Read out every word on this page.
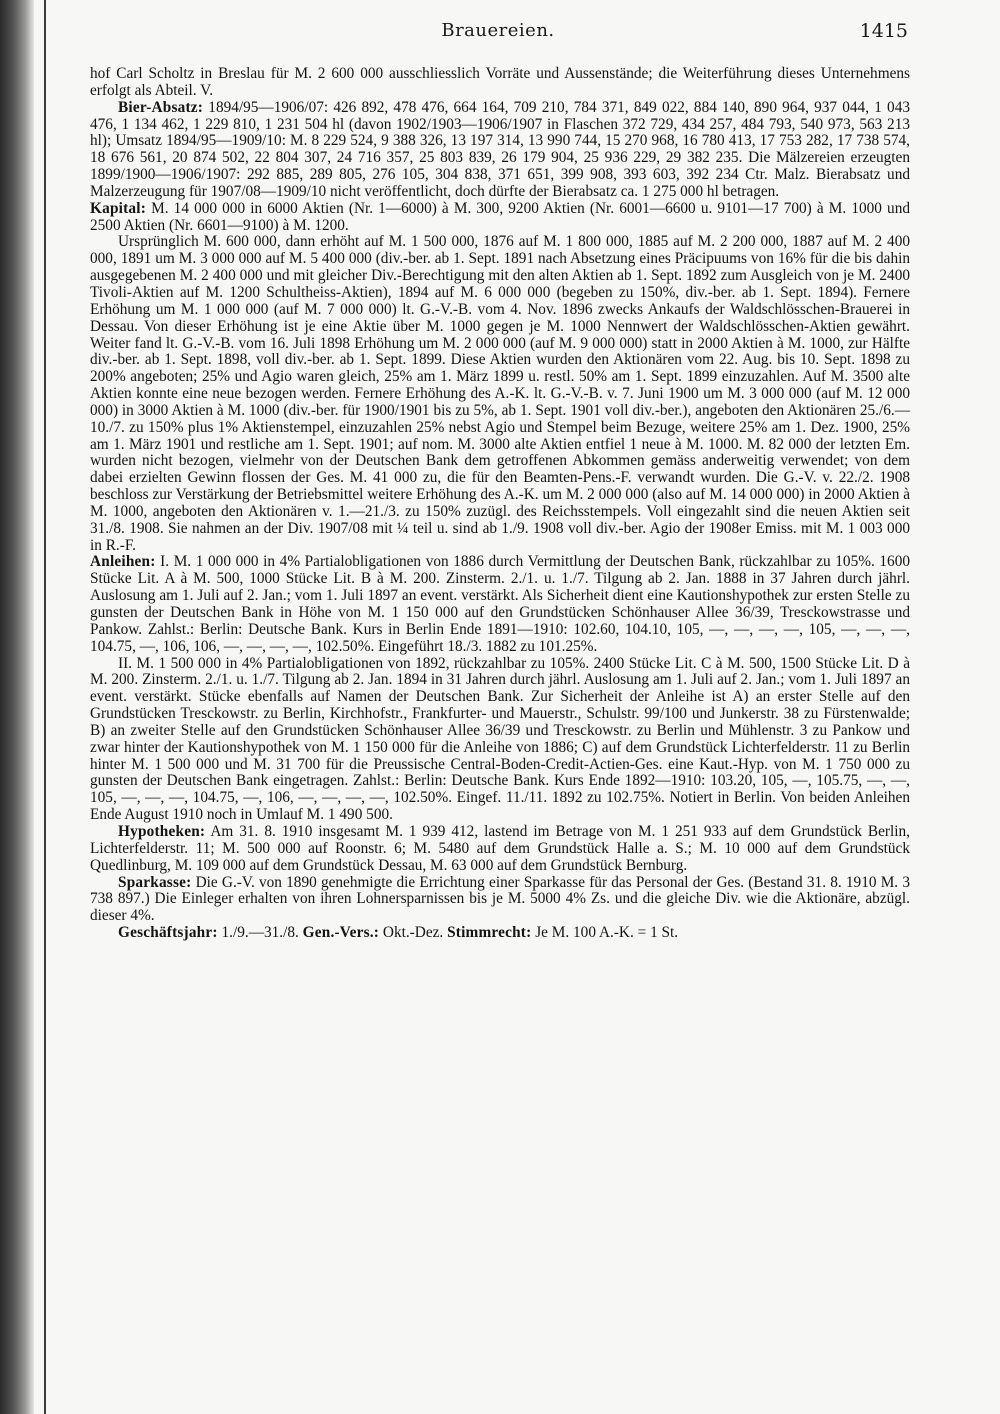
Brauereien.	1415

hof Carl Scholtz in Breslau für M. 2 600 000 ausschliesslich Vorräte und Aussenstände; die Weiterführung dieses Unternehmens erfolgt als Abteil. V.

Bier-Absatz: 1894/95—1906/07: 426 892, 478 476, 664 164, 709 210, 784 371, 849 022, 884 140, 890 964, 937 044, 1 043 476, 1 134 462, 1 229 810, 1 231 504 hl (davon 1902/1903—1906/1907 in Flaschen 372 729, 434 257, 484 793, 540 973, 563 213 hl); Umsatz 1894/95—1909/10: M. 8 229 524, 9 388 326, 13 197 314, 13 990 744, 15 270 968, 16 780 413, 17 753 282, 17 738 574, 18 676 561, 20 874 502, 22 804 307, 24 716 357, 25 803 839, 26 179 904, 25 936 229, 29 382 235. Die Mälzereien erzeugten 1899/1900—1906/1907: 292 885, 289 805, 276 105, 304 838, 371 651, 399 908, 393 603, 392 234 Ctr. Malz. Bierabsatz und Malzerzeugung für 1907/08—1909/10 nicht veröffentlicht, doch dürfte der Bierabsatz ca. 1 275 000 hl betragen.

Kapital: M. 14 000 000 in 6000 Aktien (Nr. 1—6000) à M. 300, 9200 Aktien (Nr. 6001—6600 u. 9101—17 700) à M. 1000 und 2500 Aktien (Nr. 6601—9100) à M. 1200.

Ursprünglich M. 600 000, dann erhöht auf M. 1 500 000, 1876 auf M. 1 800 000, 1885 auf M. 2 200 000, 1887 auf M. 2 400 000, 1891 um M. 3 000 000 auf M. 5 400 000 (div.-ber. ab 1. Sept. 1891 nach Absetzung eines Präcipuums von 16% für die bis dahin ausgegebenen M. 2 400 000 und mit gleicher Div.-Berechtigung mit den alten Aktien ab 1. Sept. 1892 zum Ausgleich von je M. 2400 Tivoli-Aktien auf M. 1200 Schultheiss-Aktien), 1894 auf M. 6 000 000 (begeben zu 150%, div.-ber. ab 1. Sept. 1894). Fernere Erhöhung um M. 1 000 000 (auf M. 7 000 000) lt. G.-V.-B. vom 4. Nov. 1896 zwecks Ankaufs der Waldschlösschen-Brauerei in Dessau. Von dieser Erhöhung ist je eine Aktie über M. 1000 gegen je M. 1000 Nennwert der Waldschlösschen-Aktien gewährt. Weiter fand lt. G.-V.-B. vom 16. Juli 1898 Erhöhung um M. 2 000 000 (auf M. 9 000 000) statt in 2000 Aktien à M. 1000, zur Hälfte div.-ber. ab 1. Sept. 1898, voll div.-ber. ab 1. Sept. 1899. Diese Aktien wurden den Aktionären vom 22. Aug. bis 10. Sept. 1898 zu 200% angeboten; 25% und Agio waren gleich, 25% am 1. März 1899 u. restl. 50% am 1. Sept. 1899 einzuzahlen. Auf M. 3500 alte Aktien konnte eine neue bezogen werden. Fernere Erhöhung des A.-K. lt. G.-V.-B. v. 7. Juni 1900 um M. 3 000 000 (auf M. 12 000 000) in 3000 Aktien à M. 1000 (div.-ber. für 1900/1901 bis zu 5%, ab 1. Sept. 1901 voll div.-ber.), angeboten den Aktionären 25./6.—10./7. zu 150% plus 1% Aktienstempel, einzuzahlen 25% nebst Agio und Stempel beim Bezuge, weitere 25% am 1. Dez. 1900, 25% am 1. März 1901 und restliche am 1. Sept. 1901; auf nom. M. 3000 alte Aktien entfiel 1 neue à M. 1000. M. 82 000 der letzten Em. wurden nicht bezogen, vielmehr von der Deutschen Bank dem getroffenen Abkommen gemäss anderweitig verwendet; von dem dabei erzielten Gewinn flossen der Ges. M. 41 000 zu, die für den Beamten-Pens.-F. verwandt wurden. Die G.-V. v. 22./2. 1908 beschloss zur Verstärkung der Betriebsmittel weitere Erhöhung des A.-K. um M. 2 000 000 (also auf M. 14 000 000) in 2000 Aktien à M. 1000, angeboten den Aktionären v. 1.—21./3. zu 150% zuzügl. des Reichsstempels. Voll eingezahlt sind die neuen Aktien seit 31./8. 1908. Sie nahmen an der Div. 1907/08 mit ¼ teil u. sind ab 1./9. 1908 voll div.-ber. Agio der 1908er Emiss. mit M. 1 003 000 in R.-F.

Anleihen: I. M. 1 000 000 in 4% Partialobligationen von 1886 durch Vermittlung der Deutschen Bank, rückzahlbar zu 105%. 1600 Stücke Lit. A à M. 500, 1000 Stücke Lit. B à M. 200. Zinsterm. 2./1. u. 1./7. Tilgung ab 2. Jan. 1888 in 37 Jahren durch jährl. Auslosung am 1. Juli auf 2. Jan.; vom 1. Juli 1897 an event. verstärkt. Als Sicherheit dient eine Kautionshypothek zur ersten Stelle zu gunsten der Deutschen Bank in Höhe von M. 1 150 000 auf den Grundstücken Schönhauser Allee 36/39, Tresckowstrasse und Pankow. Zahlst.: Berlin: Deutsche Bank. Kurs in Berlin Ende 1891—1910: 102.60, 104.10, 105, —, —, —, —, 105, —, —, —, 104.75, —, 106, 106, —, —, —, —, 102.50%. Eingeführt 18./3. 1882 zu 101.25%.

II. M. 1 500 000 in 4% Partialobligationen von 1892, rückzahlbar zu 105%. 2400 Stücke Lit. C à M. 500, 1500 Stücke Lit. D à M. 200. Zinsterm. 2./1. u. 1./7. Tilgung ab 2. Jan. 1894 in 31 Jahren durch jährl. Auslosung am 1. Juli auf 2. Jan.; vom 1. Juli 1897 an event. verstärkt. Stücke ebenfalls auf Namen der Deutschen Bank. Zur Sicherheit der Anleihe ist A) an erster Stelle auf den Grundstücken Tresckowstr. zu Berlin, Kirchhofstr., Frankfurter- und Mauerstr., Schulstr. 99/100 und Junkerstr. 38 zu Fürstenwalde; B) an zweiter Stelle auf den Grundstücken Schönhauser Allee 36/39 und Tresckowstr. zu Berlin und Mühlenstr. 3 zu Pankow und zwar hinter der Kautionshypothek von M. 1 150 000 für die Anleihe von 1886; C) auf dem Grundstück Lichterfelderstr. 11 zu Berlin hinter M. 1 500 000 und M. 31 700 für die Preussische Central-Boden-Credit-Actien-Ges. eine Kaut.-Hyp. von M. 1 750 000 zu gunsten der Deutschen Bank eingetragen. Zahlst.: Berlin: Deutsche Bank. Kurs Ende 1892—1910: 103.20, 105, —, 105.75, —, —, 105, —, —, —, 104.75, —, 106, —, —, —, —, 102.50%. Eingef. 11./11. 1892 zu 102.75%. Notiert in Berlin. Von beiden Anleihen Ende August 1910 noch in Umlauf M. 1 490 500.

Hypotheken: Am 31. 8. 1910 insgesamt M. 1 939 412, lastend im Betrage von M. 1 251 933 auf dem Grundstück Berlin, Lichterfelderstr. 11; M. 500 000 auf Roonstr. 6; M. 5480 auf dem Grundstück Halle a. S.; M. 10 000 auf dem Grundstück Quedlinburg, M. 109 000 auf dem Grundstück Dessau, M. 63 000 auf dem Grundstück Bernburg.

Sparkasse: Die G.-V. von 1890 genehmigte die Errichtung einer Sparkasse für das Personal der Ges. (Bestand 31. 8. 1910 M. 3 738 897.) Die Einleger erhalten von ihren Lohnersparnissen bis je M. 5000 4% Zs. und die gleiche Div. wie die Aktionäre, abzügl. dieser 4%.

Geschäftsjahr: 1./9.—31./8. Gen.-Vers.: Okt.-Dez. Stimmrecht: Je M. 100 A.-K. = 1 St.
